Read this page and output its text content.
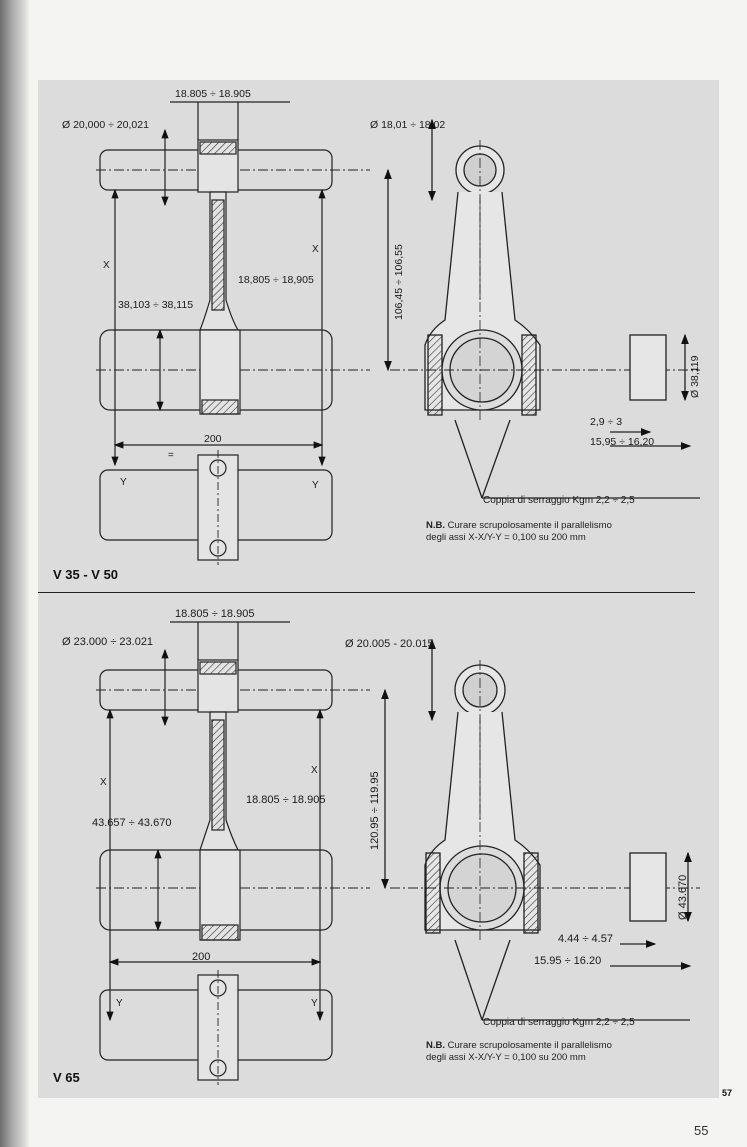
18.805 ÷ 18.905
Ø 20,000 ÷ 20,021	Ø 18,01 ÷ 18,02
18,805 ÷ 18,905
38,103 ÷ 38,115	106,45 ÷ 106,55
200
Ø 38,119
2,9 ÷ 3
15,95 ÷ 16,20
Coppia di serraggio Kgm 2,2 ÷ 2,5
X
X
Y	Y
=
18.805 ÷ 18.905
Ø 23.000 ÷ 23.021	Ø 20.005 - 20.015
18.805 ÷ 18.905
43.657 ÷ 43.670	120.95 ÷ 119.95
200
Ø 43.670
4.44 ÷ 4.57
15.95 ÷ 16.20
Coppia di serraggio Kgm 2,2 ÷ 2,5
X
X
Y	Y
V 35 - V 50
V 65
N.B. Curare scrupolosamente il parallelismo
degli assi X-X/Y-Y = 0,100 su 200 mm
N.B. Curare scrupolosamente il parallelismo
degli assi X-X/Y-Y = 0,100 su 200 mm
57
55
